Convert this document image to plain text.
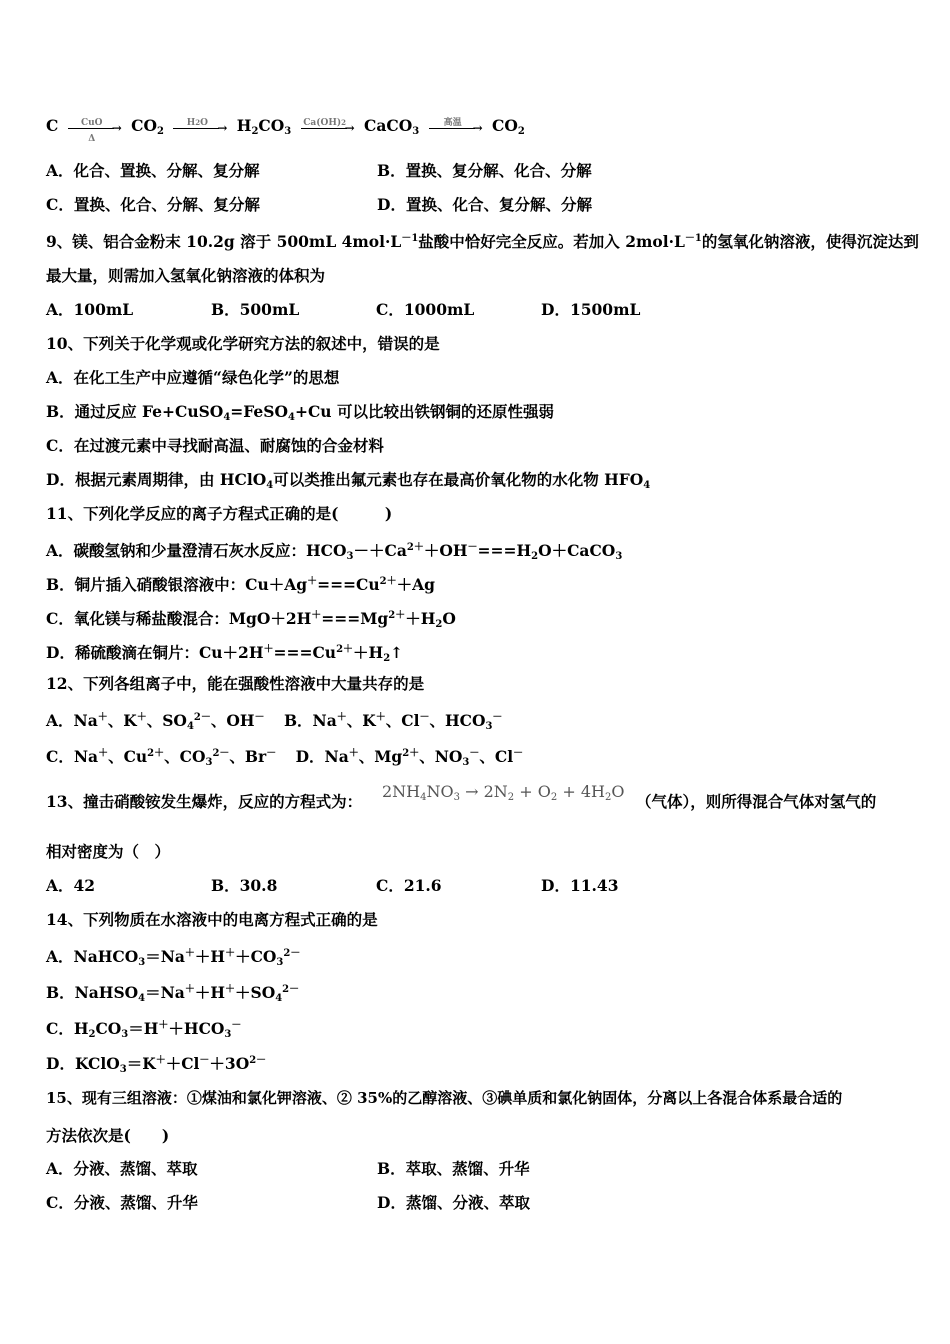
C	CuO →
Δ
$CO_2$
$H2O \to H_2CO_3$
Ca(OH)2
→ CaCO$_3$
高温 → $CO_2$
A．化合、置换、分解、复分解	B．置换、复分解、化合、分解
C．置换、化合、分解、复分解	D．置换、化合、复分解、分解
9、镁、铝合金粉末 10.2g 溶于 500mL $4mol\cdot L^{-1}$盐酸中恰好完全反应。若加入 $2mol\cdot L^{-1}$的氢氧化钠溶液，使得沉淀达到
最大量，则需加入氢氧化钠溶液的体积为
A．100mL	B．500mL	C．1000mL	D．1500mL
10、下列关于化学观或化学研究方法的叙述中，错误的是
A．在化工生产中应遵循“绿色化学”的思想
B．通过反应 Fe+CuSO$_4$=FeSO$_4$+Cu 可以比较出铁钢铜的还原性强弱
C．在过渡元素中寻找耐高温、耐腐蚀的合金材料
D．根据元素周期律，由 HClO$_4$可以类推出氟元素也存在最高价氧化物的水化物 $HFO_4$
11、下列化学反应的离子方程式正确的是(　　　)
A．碳酸氢钠和少量澄清石灰水反应：$HCO_3-+Ca^{2+}+OH^-===H_2O+CaCO_3$
B．铜片插入硝酸银溶液中：$Cu+Ag^+===Cu^{2+}+Ag$
C．氧化镁与稀盐酸混合：$MgO+2H^+===Mg^{2+}+H_2O$
D．稀硫酸滴在铜片：$Cu+2H^+===Cu^{2+}+H_2↑$
12、下列各组离子中，能在强酸性溶液中大量共存的是
A．Na＋、K＋、$SO_4^{2-}$、OH－ B．Na＋、K＋、Cl－、$HCO_3^-$
C．Na＋、$Cu^{2+}$、$CO_3^{2-}$、Br－ D．Na＋、$Mg^{2+}$、$NO_3^-$、Cl－
13、撞击硝酸铵发生爆炸，反应的方程式为：
$2NH_4NO_3 \to 2N_2 + O_2 + 4H_2O$
（气体），则所得混合气体对氢气的
相对密度为（　）
A．42	B．30.8	C．21.6	D．11.43
14、下列物质在水溶液中的电离方程式正确的是
A．$NaHCO_3=Na^++H^++CO_3^{2-}$
B．$NaHSO_4=Na^++H^++SO_4^{2-}$
C．$H_2CO_3=H^++HCO_3^-$
D．$KClO_3=K^++Cl^-+3O^{2-}$
15、现有三组溶液：①煤油和氯化钾溶液、② 35%的乙醇溶液、③碘单质和氯化钠固体，分离以上各混合体系最合适的
方法依次是(　　)
A．分液、蒸馏、萃取	B．萃取、蒸馏、升华
C．分液、蒸馏、升华	D．蒸馏、分液、萃取
